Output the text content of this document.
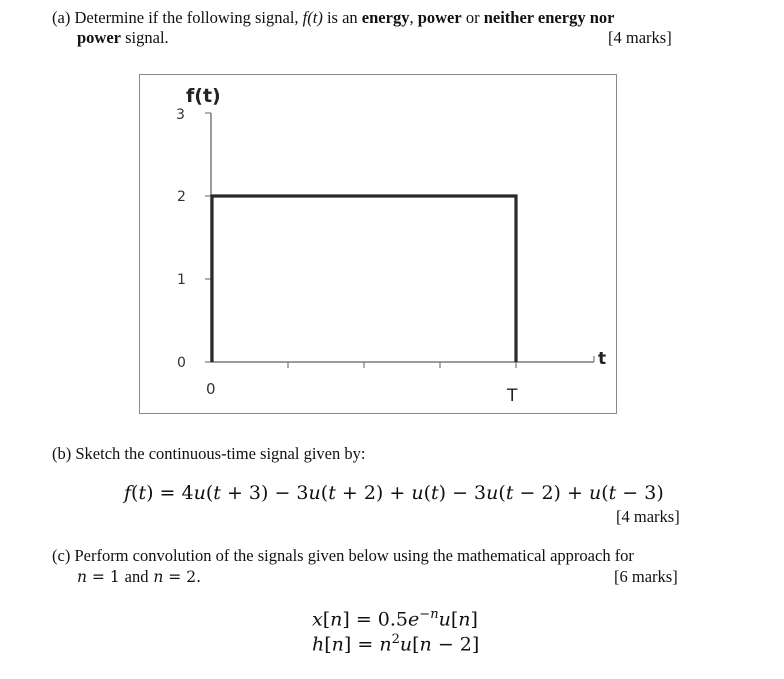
(a) Determine if the following signal, f(t) is an energy, power or neither energy nor
power signal.	[4 marks]
f(t)
t
3
2
1
0
0	T
(b) Sketch the continuous-time signal given by:
f(t) = 4u(t + 3) − 3u(t + 2) + u(t) − 3u(t − 2) + u(t − 3)
[4 marks]
(c) Perform convolution of the signals given below using the mathematical approach for
n = 1 and n = 2.	[6 marks]
$x[n] = 0.5e^{-n}u[n]$
$h[n] = n^2u[n - 2]$
